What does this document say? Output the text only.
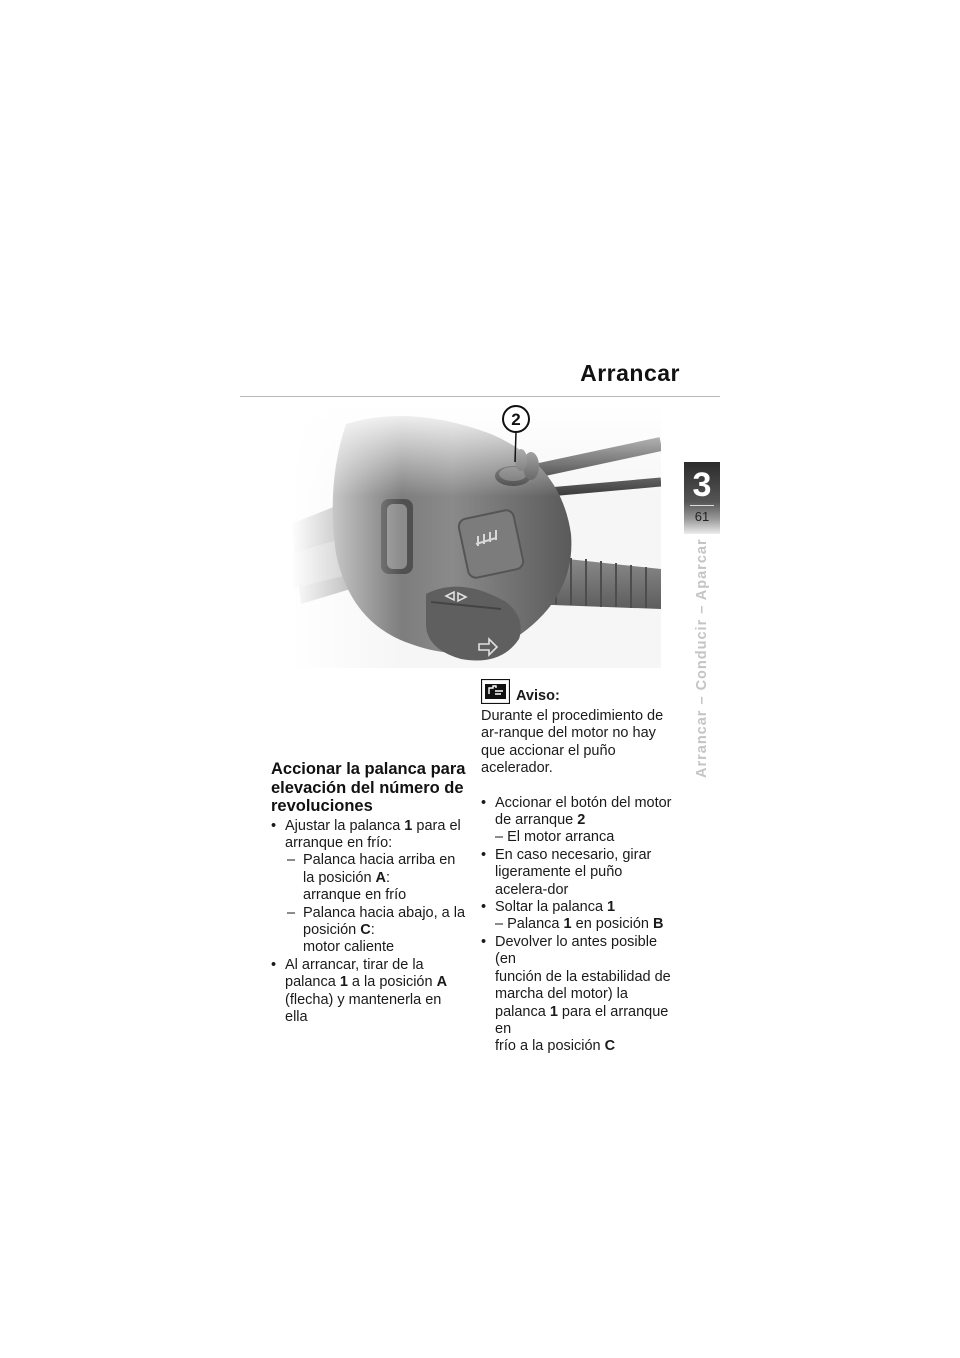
Arrancar
3
61
Arrancar – Conducir – Aparcar
2
Accionar la palanca para elevación del número de revoluciones
• Ajustar la palanca 1 para el arranque en frío:
– Palanca hacia arriba en la posición A:
arranque en frío
– Palanca hacia abajo, a la posición C:
motor caliente
• Al arrancar, tirar de la
palanca 1 a la posición A
(flecha) y mantenerla en ella
Aviso:
Durante el procedimiento de ar-ranque del motor no hay que accionar el puño acelerador.
• Accionar el botón del motor de arranque 2
– El motor arranca
• En caso necesario, girar ligeramente el puño acelera-dor
• Soltar la palanca 1
– Palanca 1 en posición B
• Devolver lo antes posible (en
función de la estabilidad de
marcha del motor) la
palanca 1 para el arranque en
frío a la posición C
